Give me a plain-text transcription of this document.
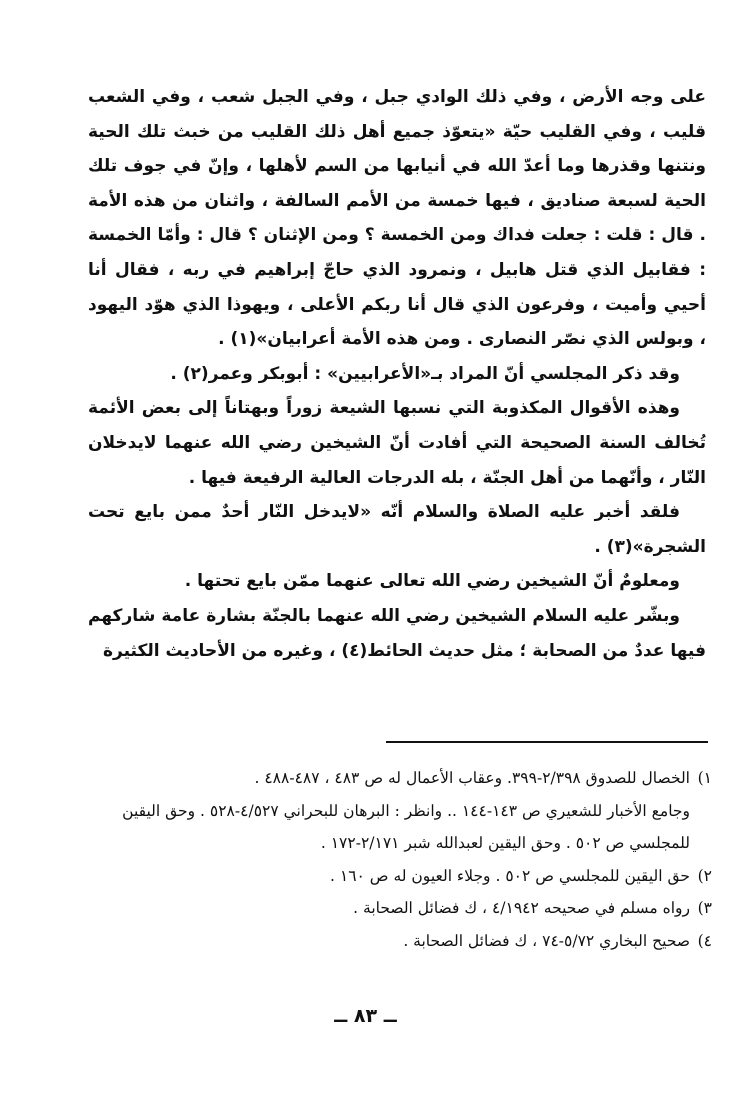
على وجه الأرض ، وفي ذلك الوادي جبل ، وفي الجبل شعب ، وفي الشعب قليب ، وفي القليب حيّة «يتعوّذ جميع أهل ذلك القليب من خبث تلك الحية ونتنها وقذرها وما أعدّ الله في أنيابها من السم لأهلها ، وإنّ في جوف تلك الحية لسبعة صناديق ، فيها خمسة من الأمم السالفة ، واثنان من هذه الأمة . قال : قلت : جعلت فداك ومن الخمسة ؟ ومن الإثنان ؟ قال : وأمّا الخمسة : فقابيل الذي قتل هابيل ، ونمرود الذي حاجّ إبراهيم في ربه ، فقال أنا أحيي وأميت ، وفرعون الذي قال أنا ربكم الأعلى ، ويهوذا الذي هوّد اليهود ، وبولس الذي نصّر النصارى . ومن هذه الأمة أعرابيان»(١) .

وقد ذكر المجلسي أنّ المراد بـ«الأعرابيين» : أبوبكر وعمر(٢) .

وهذه الأقوال المكذوبة التي نسبها الشيعة زوراً وبهتاناً إلى بعض الأئمة تُخالف السنة الصحيحة التي أفادت أنّ الشيخين رضي الله عنهما لايدخلان النّار ، وأنّهما من أهل الجنّة ، بله الدرجات العالية الرفيعة فيها .

فلقد أخبر عليه الصلاة والسلام أنّه «لايدخل النّار أحدٌ ممن بايع تحت الشجرة»(٣) .

ومعلومٌ أنّ الشيخين رضي الله تعالى عنهما ممّن بايع تحتها .

وبشّر عليه السلام الشيخين رضي الله عنهما بالجنّة بشارة عامة شاركهم فيها عددٌ من الصحابة ؛ مثل حديث الحائط(٤) ، وغيره من الأحاديث الكثيرة

١)الخصال للصدوق ٢/٣٩٨-٣٩٩. وعقاب الأعمال له ص ٤٨٣ ، ٤٨٧-٤٨٨ .

وجامع الأخبار للشعيري ص ١٤٣-١٤٤ .. وانظر : البرهان للبحراني ٤/٥٢٧-٥٢٨ . وحق اليقين للمجلسي ص ٥٠٢ . وحق اليقين لعبدالله شبر ٢/١٧١-١٧٢ .

٢)حق اليقين للمجلسي ص ٥٠٢ . وجلاء العيون له ص ١٦٠ .

٣)رواه مسلم في صحيحه ٤/١٩٤٢ ، ك فضائل الصحابة .

٤)صحيح البخاري ٥/٧٢-٧٤ ، ك فضائل الصحابة .

ــ ٨٣ ــ
